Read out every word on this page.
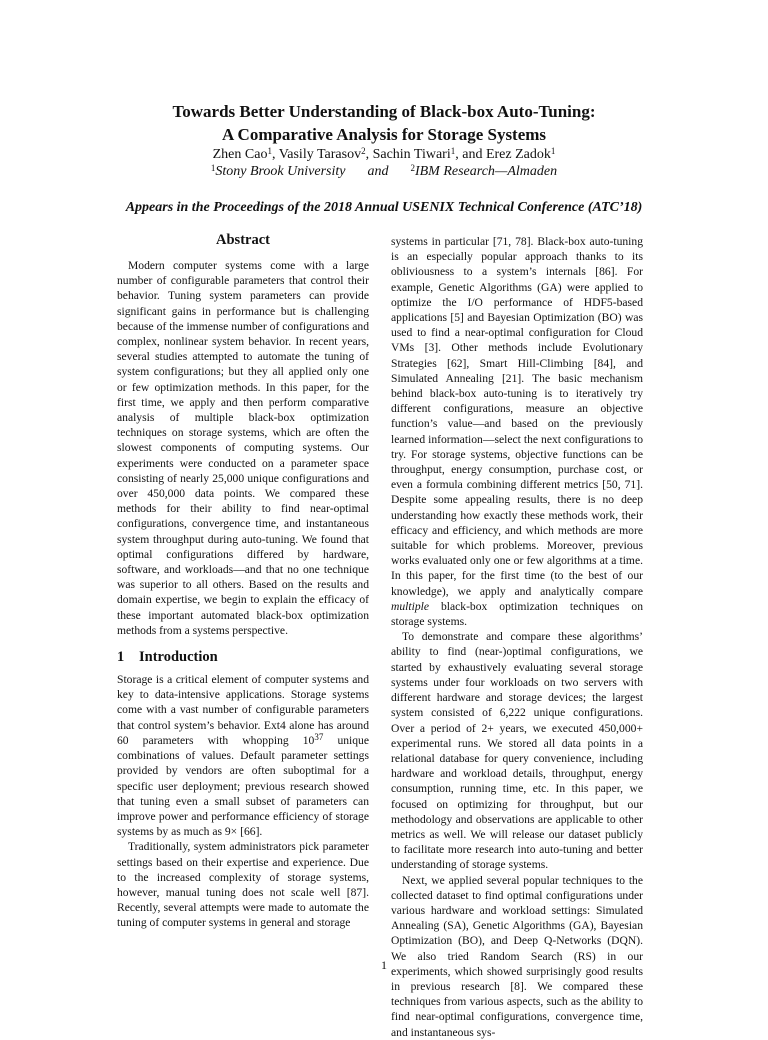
Towards Better Understanding of Black-box Auto-Tuning:
A Comparative Analysis for Storage Systems
Zhen Cao$^1$, Vasily Tarasov$^2$, Sachin Tiwari$^1$, and Erez Zadok$^1$
$^1$Stony Brook University and $^2$IBM Research—Almaden
Appears in the Proceedings of the 2018 Annual USENIX Technical Conference (ATC’18)
Abstract

Modern computer systems come with a large number of configurable parameters that control their behavior. Tuning system parameters can provide significant gains in performance but is challenging because of the immense number of configurations and complex, nonlinear system behavior. In recent years, several studies attempted to automate the tuning of system configurations; but they all applied only one or few optimization methods. In this paper, for the first time, we apply and then perform comparative analysis of multiple black-box optimization techniques on storage systems, which are often the slowest components of computing systems. Our experiments were conducted on a parameter space consisting of nearly 25,000 unique configurations and over 450,000 data points. We compared these methods for their ability to find near-optimal configurations, convergence time, and instantaneous system throughput during auto-tuning. We found that optimal configurations differed by hardware, software, and workloads—and that no one technique was superior to all others. Based on the results and domain expertise, we begin to explain the efficacy of these important automated black-box optimization methods from a systems perspective.

1 Introduction

Storage is a critical element of computer systems and key to data-intensive applications. Storage systems come with a vast number of configurable parameters that control system’s behavior. Ext4 alone has around 60 parameters with whopping $10^{37}$ unique combinations of values. Default parameter settings provided by vendors are often suboptimal for a specific user deployment; previous research showed that tuning even a small subset of parameters can improve power and performance efficiency of storage systems by as much as 9× [66].

Traditionally, system administrators pick parameter settings based on their expertise and experience. Due to the increased complexity of storage systems, however, manual tuning does not scale well [87]. Recently, several attempts were made to automate the tuning of computer systems in general and storage

systems in particular [71, 78]. Black-box auto-tuning is an especially popular approach thanks to its obliviousness to a system’s internals [86]. For example, Genetic Algorithms (GA) were applied to optimize the I/O performance of HDF5-based applications [5] and Bayesian Optimization (BO) was used to find a near-optimal configuration for Cloud VMs [3]. Other methods include Evolutionary Strategies [62], Smart Hill-Climbing [84], and Simulated Annealing [21]. The basic mechanism behind black-box auto-tuning is to iteratively try different configurations, measure an objective function’s value—and based on the previously learned information—select the next configurations to try. For storage systems, objective functions can be throughput, energy consumption, purchase cost, or even a formula combining different metrics [50, 71]. Despite some appealing results, there is no deep understanding how exactly these methods work, their efficacy and efficiency, and which methods are more suitable for which problems. Moreover, previous works evaluated only one or few algorithms at a time. In this paper, for the first time (to the best of our knowledge), we apply and analytically compare multiple black-box optimization techniques on storage systems.

To demonstrate and compare these algorithms’ ability to find (near-)optimal configurations, we started by exhaustively evaluating several storage systems under four workloads on two servers with different hardware and storage devices; the largest system consisted of 6,222 unique configurations. Over a period of 2+ years, we executed 450,000+ experimental runs. We stored all data points in a relational database for query convenience, including hardware and workload details, throughput, energy consumption, running time, etc. In this paper, we focused on optimizing for throughput, but our methodology and observations are applicable to other metrics as well. We will release our dataset publicly to facilitate more research into auto-tuning and better understanding of storage systems.

Next, we applied several popular techniques to the collected dataset to find optimal configurations under various hardware and workload settings: Simulated Annealing (SA), Genetic Algorithms (GA), Bayesian Optimization (BO), and Deep Q-Networks (DQN). We also tried Random Search (RS) in our experiments, which showed surprisingly good results in previous research [8]. We compared these techniques from various aspects, such as the ability to find near-optimal configurations, convergence time, and instantaneous sys-

1
